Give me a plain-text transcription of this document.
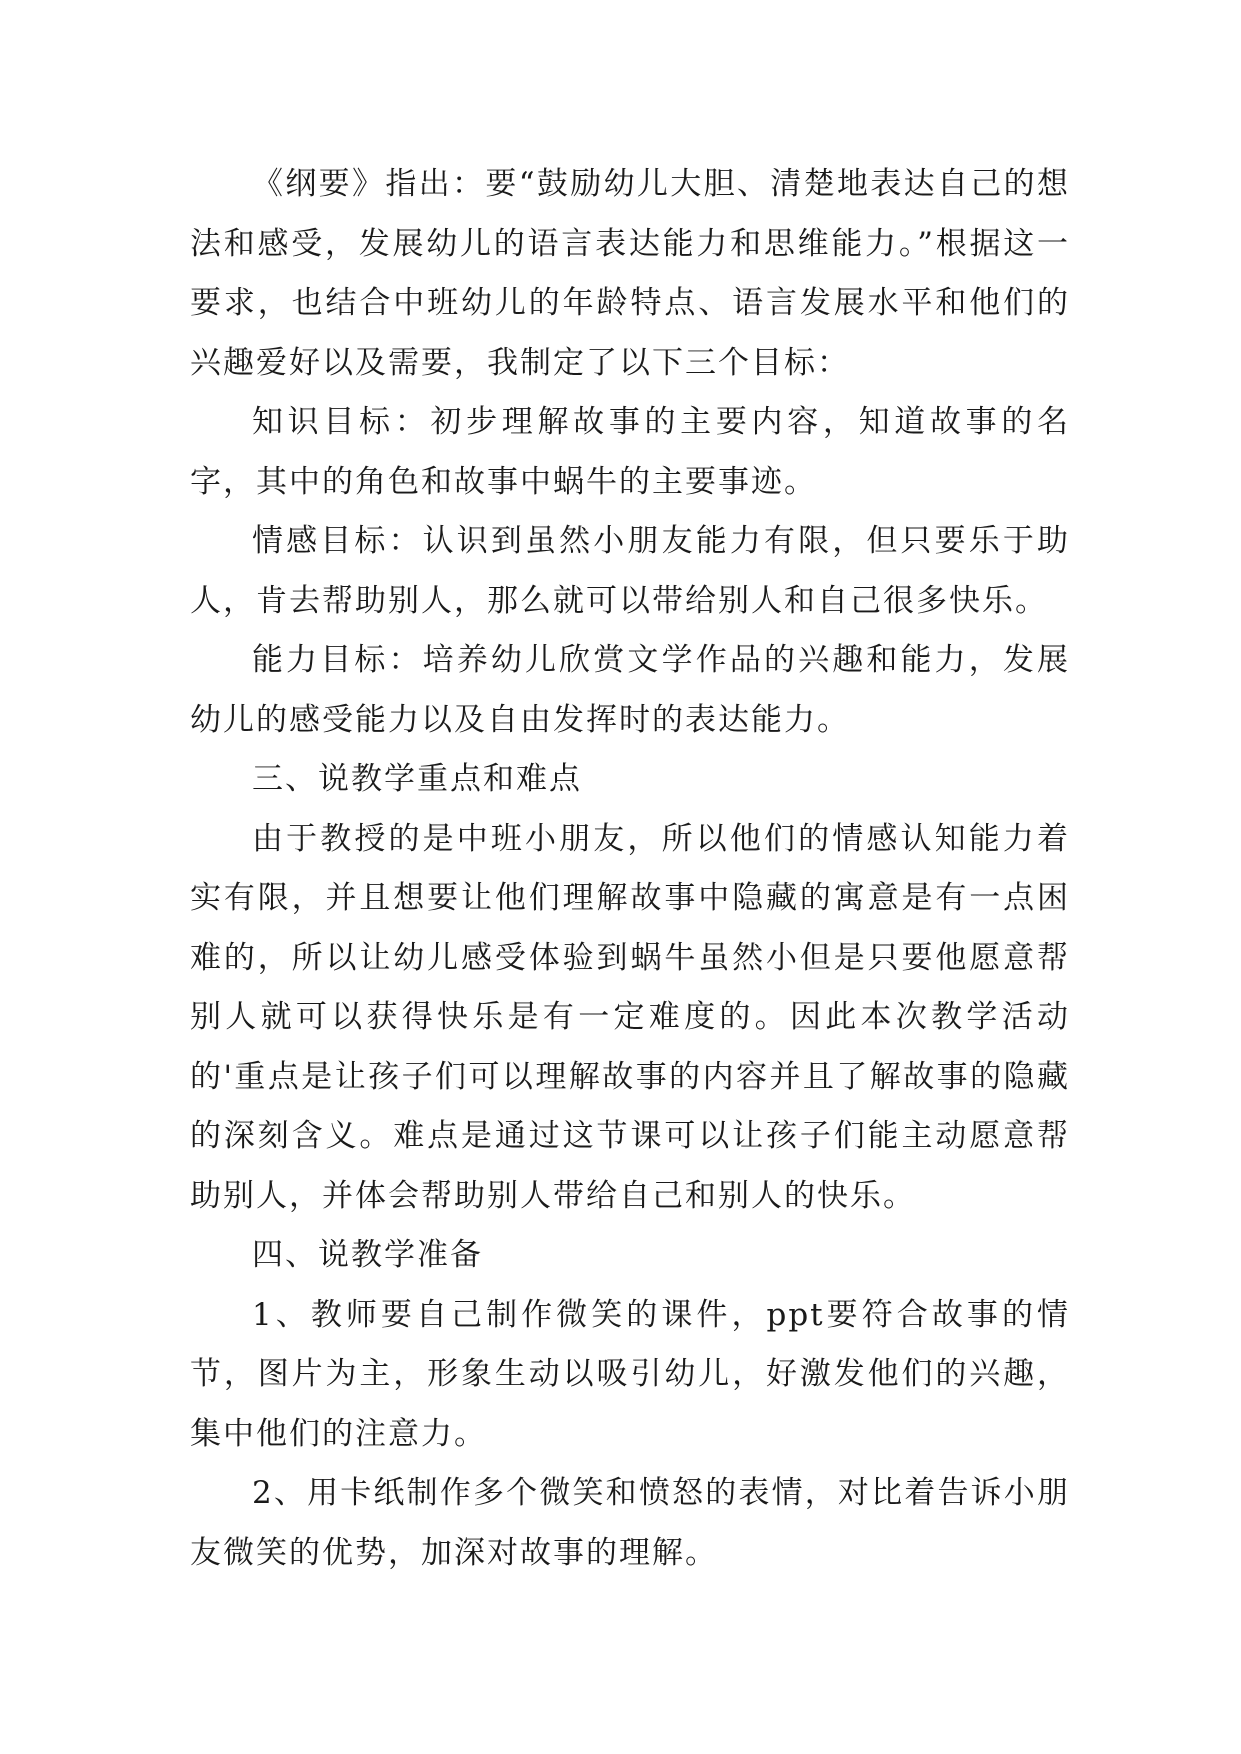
《纲要》指出：要“鼓励幼儿大胆、清楚地表达自己的想法和感受，发展幼儿的语言表达能力和思维能力。”根据这一要求，也结合中班幼儿的年龄特点、语言发展水平和他们的兴趣爱好以及需要，我制定了以下三个目标：

知识目标：初步理解故事的主要内容，知道故事的名字，其中的角色和故事中蜗牛的主要事迹。

情感目标：认识到虽然小朋友能力有限，但只要乐于助人，肯去帮助别人，那么就可以带给别人和自己很多快乐。

能力目标：培养幼儿欣赏文学作品的兴趣和能力，发展幼儿的感受能力以及自由发挥时的表达能力。

三、说教学重点和难点

由于教授的是中班小朋友，所以他们的情感认知能力着实有限，并且想要让他们理解故事中隐藏的寓意是有一点困难的，所以让幼儿感受体验到蜗牛虽然小但是只要他愿意帮别人就可以获得快乐是有一定难度的。因此本次教学活动的'重点是让孩子们可以理解故事的内容并且了解故事的隐藏的深刻含义。难点是通过这节课可以让孩子们能主动愿意帮助别人，并体会帮助别人带给自己和别人的快乐。

四、说教学准备

1、教师要自己制作微笑的课件，ppt要符合故事的情节，图片为主，形象生动以吸引幼儿，好激发他们的兴趣，集中他们的注意力。

2、用卡纸制作多个微笑和愤怒的表情，对比着告诉小朋友微笑的优势，加深对故事的理解。
